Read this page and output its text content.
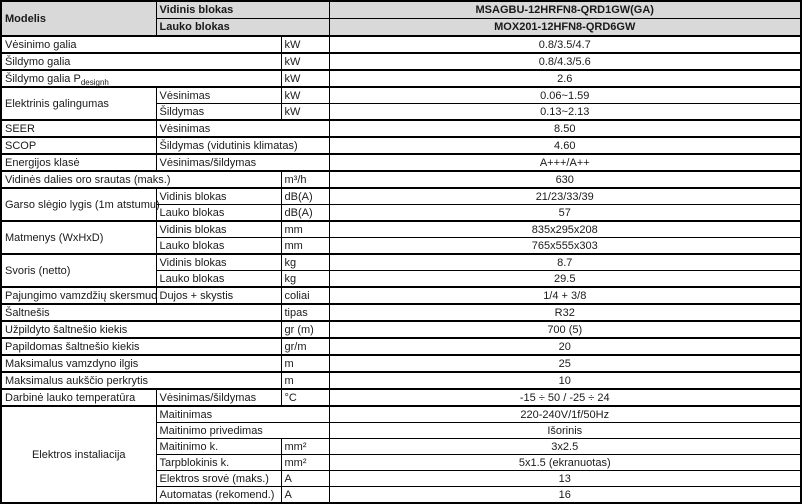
Modelis	Vidinis blokas		MSAGBU-12HRFN8-QRD1GW(GA)
	Lauko blokas		MOX201-12HFN8-QRD6GW
Vėsinimo galia		kW	0.8/3.5/4.7
Šildymo galia		kW	0.8/4.3/5.6
Šildymo galia $P_{designh}$		kW	2.6
Elektrinis galingumas	Vėsinimas	kW	0.06~1.59
	Šildymas	kW	0.13~2.13
SEER	Vėsinimas		8.50
SCOP	Šildymas (vidutinis klimatas)		4.60
Energijos klasė	Vėsinimas/šildymas		A+++/A++
Vidinės dalies oro srautas (maks.)		m³/h	630
Garso slėgio lygis (1m atstumu)	Vidinis blokas	dB(A)	21/23/33/39
	Lauko blokas	dB(A)	57
Matmenys (WxHxD)	Vidinis blokas	mm	835x295x208
	Lauko blokas	mm	765x555x303
Svoris (netto)	Vidinis blokas	kg	8.7
	Lauko blokas	kg	29.5
Pajungimo vamzdžių skersmuo	Dujos + skystis	coliai	1/4 + 3/8
Šaltnešis		tipas	R32
Užpildyto šaltnešio kiekis		gr (m)	700 (5)
Papildomas šaltnešio kiekis		gr/m	20
Maksimalus vamzdyno ilgis		m	25
Maksimalus aukščio perkrytis		m	10
Darbinė lauko temperatūra	Vėsinimas/šildymas	°C	-15 ÷ 50 / -25 ÷ 24
Elektros instaliacija	Maitinimas		220-240V/1f/50Hz
	Maitinimo privedimas		Išorinis
	Maitinimo k.	mm²	3x2.5
	Tarpblokinis k.	mm²	5x1.5 (ekranuotas)
	Elektros srovė (maks.)	A	13
	Automatas (rekomend.)	A	16
